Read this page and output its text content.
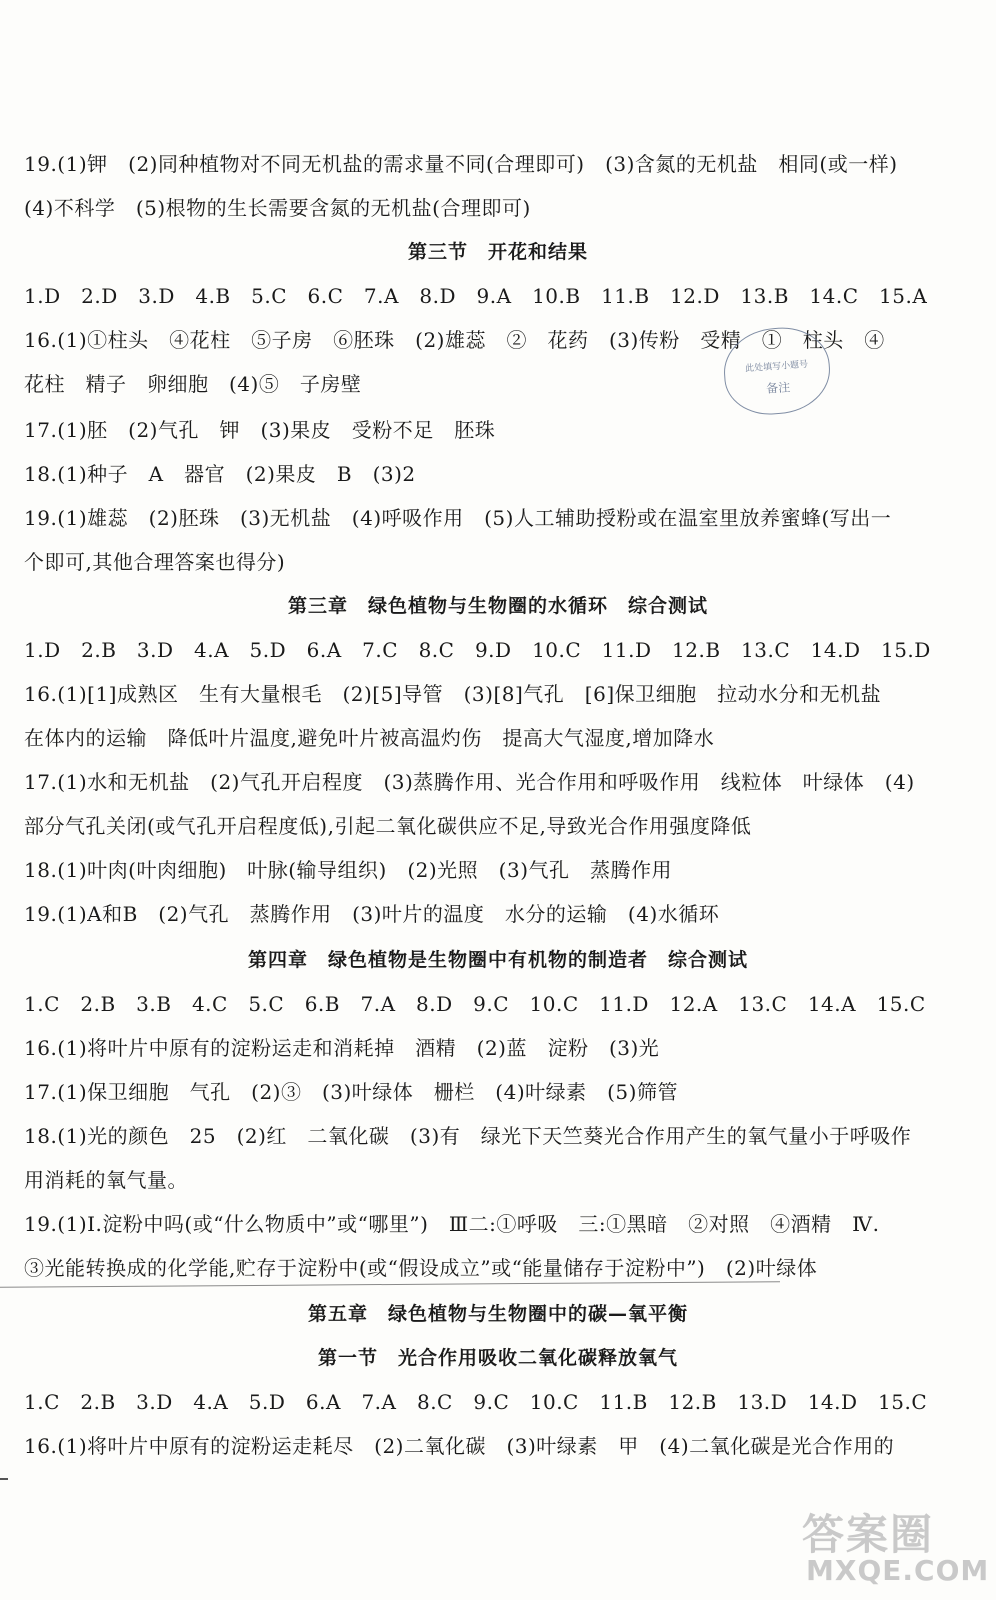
19.(1)钾　(2)同种植物对不同无机盐的需求量不同(合理即可)　(3)含氮的无机盐　相同(或一样)
(4)不科学　(5)根物的生长需要含氮的无机盐(合理即可)
第三节　开花和结果
1.D　2.D　3.D　4.B　5.C　6.C　7.A　8.D　9.A　10.B　11.B　12.D　13.B　14.C　15.A
16.(1)①柱头　④花柱　⑤子房　⑥胚珠　(2)雄蕊　②　花药　(3)传粉　受精　①　柱头　④
花柱　精子　卵细胞　(4)⑤　子房壁
17.(1)胚　(2)气孔　钾　(3)果皮　受粉不足　胚珠
18.(1)种子　A　器官　(2)果皮　B　(3)2
19.(1)雄蕊　(2)胚珠　(3)无机盐　(4)呼吸作用　(5)人工辅助授粉或在温室里放养蜜蜂(写出一
个即可,其他合理答案也得分)
第三章　绿色植物与生物圈的水循环　综合测试
1.D　2.B　3.D　4.A　5.D　6.A　7.C　8.C　9.D　10.C　11.D　12.B　13.C　14.D　15.D
16.(1)[1]成熟区　生有大量根毛　(2)[5]导管　(3)[8]气孔　[6]保卫细胞　拉动水分和无机盐
在体内的运输　降低叶片温度,避免叶片被高温灼伤　提高大气湿度,增加降水
17.(1)水和无机盐　(2)气孔开启程度　(3)蒸腾作用、光合作用和呼吸作用　线粒体　叶绿体　(4)
部分气孔关闭(或气孔开启程度低),引起二氧化碳供应不足,导致光合作用强度降低
18.(1)叶肉(叶肉细胞)　叶脉(输导组织)　(2)光照　(3)气孔　蒸腾作用
19.(1)A和B　(2)气孔　蒸腾作用　(3)叶片的温度　水分的运输　(4)水循环
第四章　绿色植物是生物圈中有机物的制造者　综合测试
1.C　2.B　3.B　4.C　5.C　6.B　7.A　8.D　9.C　10.C　11.D　12.A　13.C　14.A　15.C
16.(1)将叶片中原有的淀粉运走和消耗掉　酒精　(2)蓝　淀粉　(3)光
17.(1)保卫细胞　气孔　(2)③　(3)叶绿体　栅栏　(4)叶绿素　(5)筛管
18.(1)光的颜色　25　(2)红　二氧化碳　(3)有　绿光下天竺葵光合作用产生的氧气量小于呼吸作
用消耗的氧气量。
19.(1)Ⅰ.淀粉中吗(或“什么物质中”或“哪里”)　Ⅲ二:①呼吸　三:①黑暗　②对照　④酒精　Ⅳ.
③光能转换成的化学能,贮存于淀粉中(或“假设成立”或“能量储存于淀粉中”)　(2)叶绿体
第五章　绿色植物与生物圈中的碳—氧平衡
第一节　光合作用吸收二氧化碳释放氧气
1.C　2.B　3.D　4.A　5.D　6.A　7.A　8.C　9.C　10.C　11.B　12.B　13.D　14.D　15.C
16.(1)将叶片中原有的淀粉运走耗尽　(2)二氧化碳　(3)叶绿素　甲　(4)二氧化碳是光合作用的
此处填写小题号
备注
答案圈
MXQE.COM
